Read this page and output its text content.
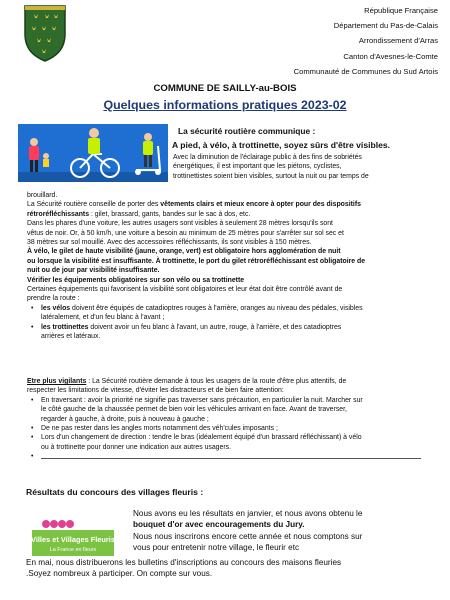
République Française
Département du Pas-de-Calais
Arrondissement d'Arras
Canton d'Avesnes-le-Comte
Communauté de Communes du Sud Artois
COMMUNE DE SAILLY-au-BOIS
Quelques informations pratiques 2023-02
La sécurité routière communique :
A pied, à vélo, à trottinette, soyez sûrs d'être visibles.

Avec la diminution de l'éclairage public à des fins de sobriétés

énergétiques, il est important que les piétons, cyclistes,

trottinettistes soient bien visibles, surtout la nuit ou par temps de

brouillard.

La Sécurité routière conseille de porter des vêtements clairs et mieux encore à opter pour des dispositifs

rétroréfléchissants : gilet, brassard, gants, bandes sur le sac à dos, etc.

Dans les phares d'une voiture, les autres usagers sont visibles à seulement 28 mètres lorsqu'ils sont

vêtus de noir. Or, à 50 km/h, une voiture a besoin au minimum de 25 mètres pour s'arrêter sur sol sec et

38 mètres sur sol mouillé. Avec des accessoires réfléchissants, ils sont visibles à 150 mètres.

À vélo, le gilet de haute visibilité (jaune, orange, vert) est obligatoire hors agglomération de nuit

ou lorsque la visibilité est insuffisante. À trottinette, le port du gilet rétroréfléchissant est obligatoire de

nuit ou de jour par visibilité insuffisante.

Vérifier les équipements obligatoires sur son vélo ou sa trottinette

Certaines équipements qui favorisent la visibilité sont obligatoires et leur état doit être contrôlé avant de

prendre la route :

• les vélos doivent être équipés de catadioptres rouges à l'arrière, oranges au niveau des pédales, visibles

latéralement, et d'un feu blanc à l'avant ;

• les trottinettes doivent avoir un feu blanc à l'avant, un autre, rouge, à l'arrière, et des catadioptres

arrières et latéraux.

Etre plus vigilants : La Sécurité routière demande à tous les usagers de la route d'être plus attentifs, de

respecter les limitations de vitesse, d'éviter les distracteurs et de bien faire attention:

• En traversant : avoir la priorité ne signifie pas traverser sans précaution, en particulier la nuit. Marcher sur

le côté gauche de la chaussée permet de bien voir les véhicules arrivant en face. Avant de traverser,

regarder à gauche, à droite, puis à nouveau à gauche ;

• De ne pas rester dans les angles morts notamment des véh'cules imposants ;

• Lors d'un changement de direction : tendre le bras (idéalement équipé d'un brassard réfléchissant) à vélo

ou à trottinette pour donner une indication aux autres usagers.

•

Résultats du concours des villages fleuris :
Villes et Villages Fleuris
La France en fleurs
Nous avons eu les résultats en janvier, et nous avons obtenu le
bouquet d'or avec encouragements du Jury.
Nous nous inscrirons encore cette année et nous comptons sur
vous pour entretenir notre village, le fleurir etc
En mai, nous distribuerons les bulletins d'inscriptions au concours des maisons fleuries
.Soyez nombreux à participer. On compte sur vous.
